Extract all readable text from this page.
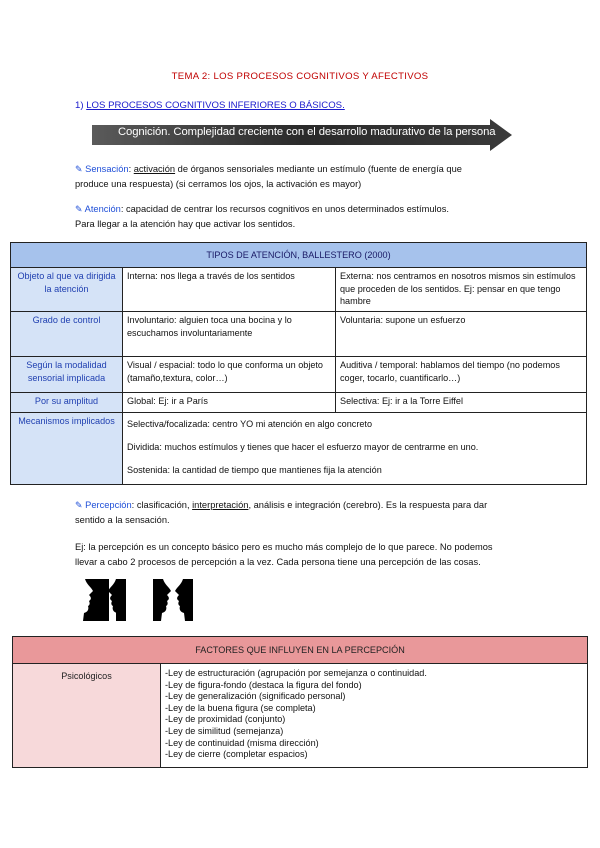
TEMA 2: LOS PROCESOS COGNITIVOS Y AFECTIVOS
1) LOS PROCESOS COGNITIVOS INFERIORES O BÁSICOS.
Cognición. Complejidad creciente con el desarrollo madurativo de la persona
✎ Sensación: activación de órganos sensoriales mediante un estímulo (fuente de energía que
produce una respuesta) (si cerramos los ojos, la activación es mayor)
✎ Atención: capacidad de centrar los recursos cognitivos en unos determinados estímulos.
Para llegar a la atención hay que activar los sentidos.
TIPOS DE ATENCIÓN, BALLESTERO (2000)		
Objeto al que va dirigida la atención	Interna: nos llega a través de los sentidos	Externa: nos centramos en nosotros mismos sin estímulos que proceden de los sentidos. Ej: pensar en que tengo hambre
Grado de control	Involuntario: alguien toca una bocina y lo escuchamos involuntariamente	Voluntaria: supone un esfuerzo
Según la modalidad sensorial implicada	Visual / espacial: todo lo que conforma un objeto (tamaño,textura, color…)	Auditiva / temporal: hablamos del tiempo (no podemos coger, tocarlo, cuantificarlo…)
Por su amplitud	Global: Ej: ir a París	Selectiva: Ej: ir a la Torre Eiffel
Mecanismos implicados	Selectiva/focalizada: centro YO mi atención en algo concreto
Dividida: muchos estímulos y tienes que hacer el esfuerzo mayor de centrarme en uno.
Sostenida: la cantidad de tiempo que mantienes fija la atención	
✎ Percepción: clasificación, interpretación, análisis e integración (cerebro). Es la respuesta para dar
sentido a la sensación.
Ej: la percepción es un concepto básico pero es mucho más complejo de lo que parece. No podemos
llevar a cabo 2 procesos de percepción a la vez. Cada persona tiene una percepción de las cosas.
FACTORES QUE INFLUYEN EN LA PERCEPCIÓN
Psicológicos	-Ley de estructuración (agrupación por semejanza o continuidad.
-Ley de figura-fondo (destaca la figura del fondo)
-Ley de generalización (significado personal)
-Ley de la buena figura (se completa)
-Ley de proximidad (conjunto)
-Ley de similitud (semejanza)
-Ley de continuidad (misma dirección)
-Ley de cierre (completar espacios)
